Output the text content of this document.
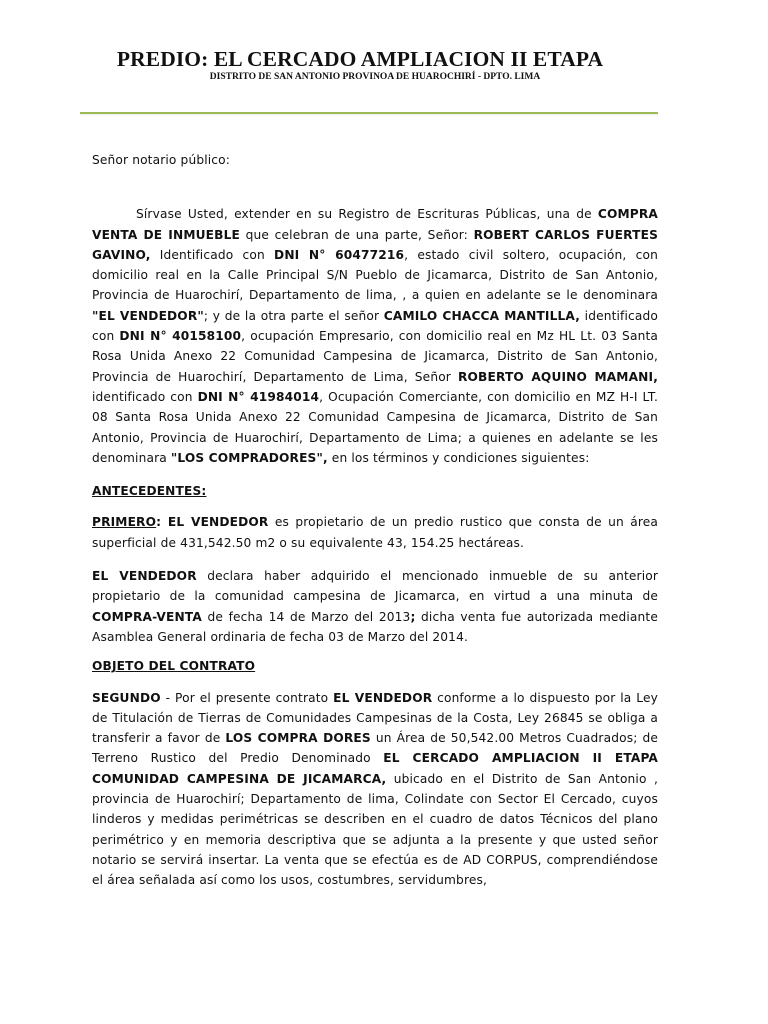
PREDIO: EL CERCADO AMPLIACION II ETAPA
DISTRITO DE SAN ANTONIO PROVINOA DE HUAROCHIRÍ - DPTO. LIMA

Señor notario público:

Sírvase Usted, extender en su Registro de Escrituras Públicas, una de COMPRA VENTA DE INMUEBLE que celebran de una parte, Señor: ROBERT CARLOS FUERTES GAVINO, Identificado con DNI N° 60477216, estado civil soltero, ocupación, con domicilio real en la Calle Principal S/N Pueblo de Jicamarca, Distrito de San Antonio, Provincia de Huarochirí, Departamento de lima, , a quien en adelante se le denominara "EL VENDEDOR"; y de la otra parte el señor CAMILO CHACCA MANTILLA, identificado con DNI N° 40158100, ocupación Empresario, con domicilio real en Mz HL Lt. 03 Santa Rosa Unida Anexo 22 Comunidad Campesina de Jicamarca, Distrito de San Antonio, Provincia de Huarochirí, Departamento de Lima, Señor ROBERTO AQUINO MAMANI, identificado con DNI N° 41984014, Ocupación Comerciante, con domicilio en MZ H-I LT. 08 Santa Rosa Unida Anexo 22 Comunidad Campesina de Jicamarca, Distrito de San Antonio, Provincia de Huarochirí, Departamento de Lima; a quienes en adelante se les denominara "LOS COMPRADORES", en los términos y condiciones siguientes:

ANTECEDENTES:

PRIMERO: EL VENDEDOR es propietario de un predio rustico que consta de un área superficial de 431,542.50 m2 o su equivalente 43, 154.25 hectáreas.

EL VENDEDOR declara haber adquirido el mencionado inmueble de su anterior propietario de la comunidad campesina de Jicamarca, en virtud a una minuta de COMPRA-VENTA de fecha 14 de Marzo del 2013; dicha venta fue autorizada mediante Asamblea General ordinaria de fecha 03 de Marzo del 2014.

OBJETO DEL CONTRATO

SEGUNDO - Por el presente contrato EL VENDEDOR conforme a lo dispuesto por la Ley de Titulación de Tierras de Comunidades Campesinas de la Costa, Ley 26845 se obliga a transferir a favor de LOS COMPRA DORES un Área de 50,542.00 Metros Cuadrados; de Terreno Rustico del Predio Denominado EL CERCADO AMPLIACION II ETAPA COMUNIDAD CAMPESINA DE JICAMARCA, ubicado en el Distrito de San Antonio , provincia de Huarochirí; Departamento de lima, Colindate con Sector El Cercado, cuyos linderos y medidas perimétricas se describen en el cuadro de datos Técnicos del plano perimétrico y en memoria descriptiva que se adjunta a la presente y que usted señor notario se servirá insertar. La venta que se efectúa es de AD CORPUS, comprendiéndose el área señalada así como los usos, costumbres, servidumbres,
